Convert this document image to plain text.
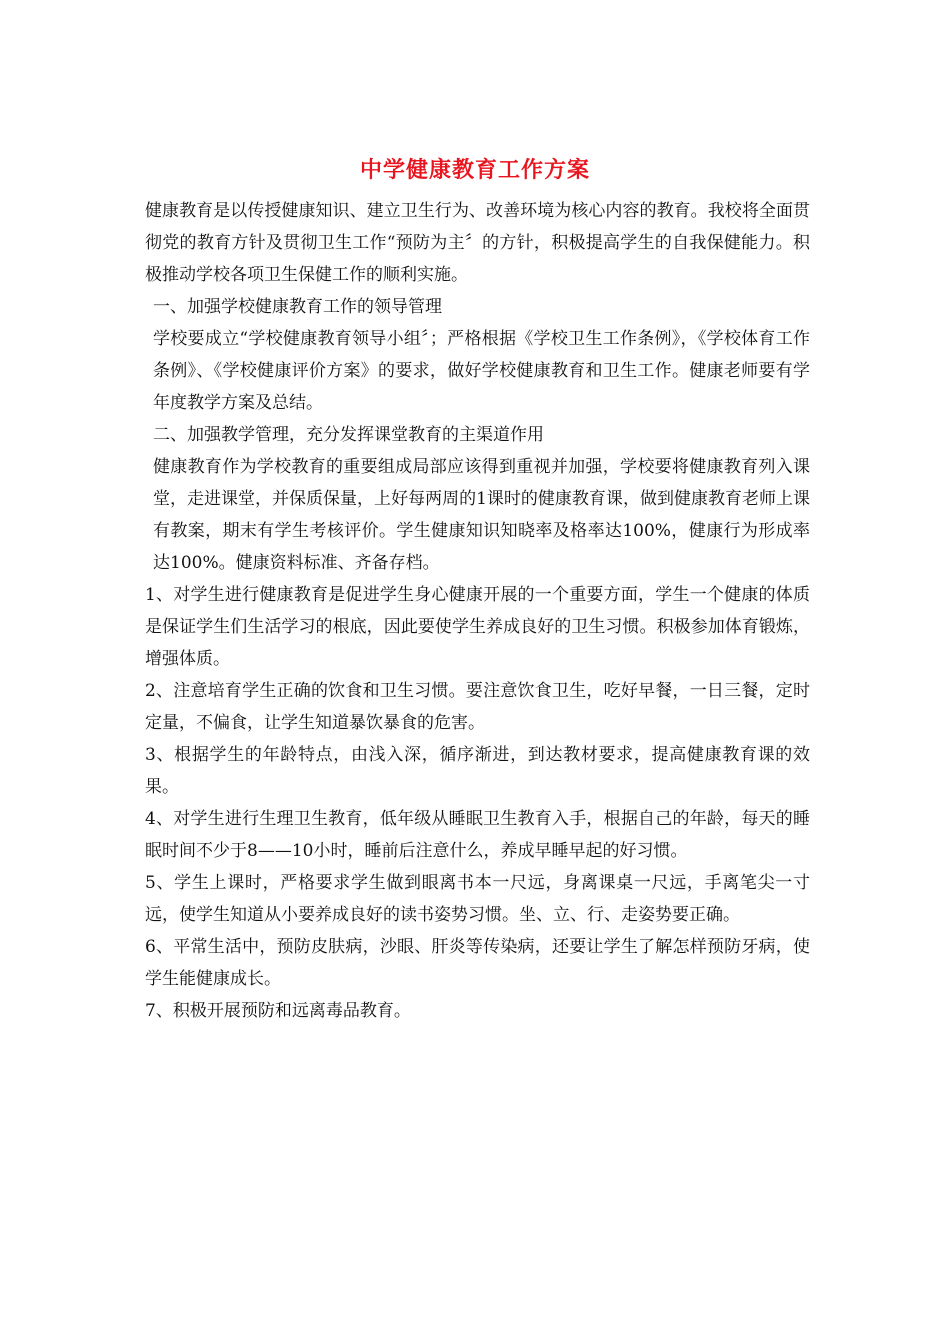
中学健康教育工作方案

健康教育是以传授健康知识、建立卫生行为、改善环境为核心内容的教育。我校将全面贯彻党的教育方针及贯彻卫生工作“预防为主〞的方针，积极提高学生的自我保健能力。积极推动学校各项卫生保健工作的顺利实施。

一、加强学校健康教育工作的领导管理

学校要成立“学校健康教育领导小组〞；严格根据《学校卫生工作条例》，《学校体育工作条例》、《学校健康评价方案》的要求，做好学校健康教育和卫生工作。健康老师要有学年度教学方案及总结。

二、加强教学管理，充分发挥课堂教育的主渠道作用

健康教育作为学校教育的重要组成局部应该得到重视并加强，学校要将健康教育列入课堂，走进课堂，并保质保量，上好每两周的1课时的健康教育课，做到健康教育老师上课有教案，期末有学生考核评价。学生健康知识知晓率及格率达100%，健康行为形成率达100%。健康资料标准、齐备存档。

1、对学生进行健康教育是促进学生身心健康开展的一个重要方面，学生一个健康的体质是保证学生们生活学习的根底，因此要使学生养成良好的卫生习惯。积极参加体育锻炼，增强体质。

2、注意培育学生正确的饮食和卫生习惯。要注意饮食卫生，吃好早餐，一日三餐，定时定量，不偏食，让学生知道暴饮暴食的危害。

3、根据学生的年龄特点，由浅入深，循序渐进，到达教材要求，提高健康教育课的效果。

4、对学生进行生理卫生教育，低年级从睡眠卫生教育入手，根据自己的年龄，每天的睡眠时间不少于8——10小时，睡前后注意什么，养成早睡早起的好习惯。

5、学生上课时，严格要求学生做到眼离书本一尺远，身离课桌一尺远，手离笔尖一寸远，使学生知道从小要养成良好的读书姿势习惯。坐、立、行、走姿势要正确。

6、平常生活中，预防皮肤病，沙眼、肝炎等传染病，还要让学生了解怎样预防牙病，使学生能健康成长。

7、积极开展预防和远离毒品教育。
